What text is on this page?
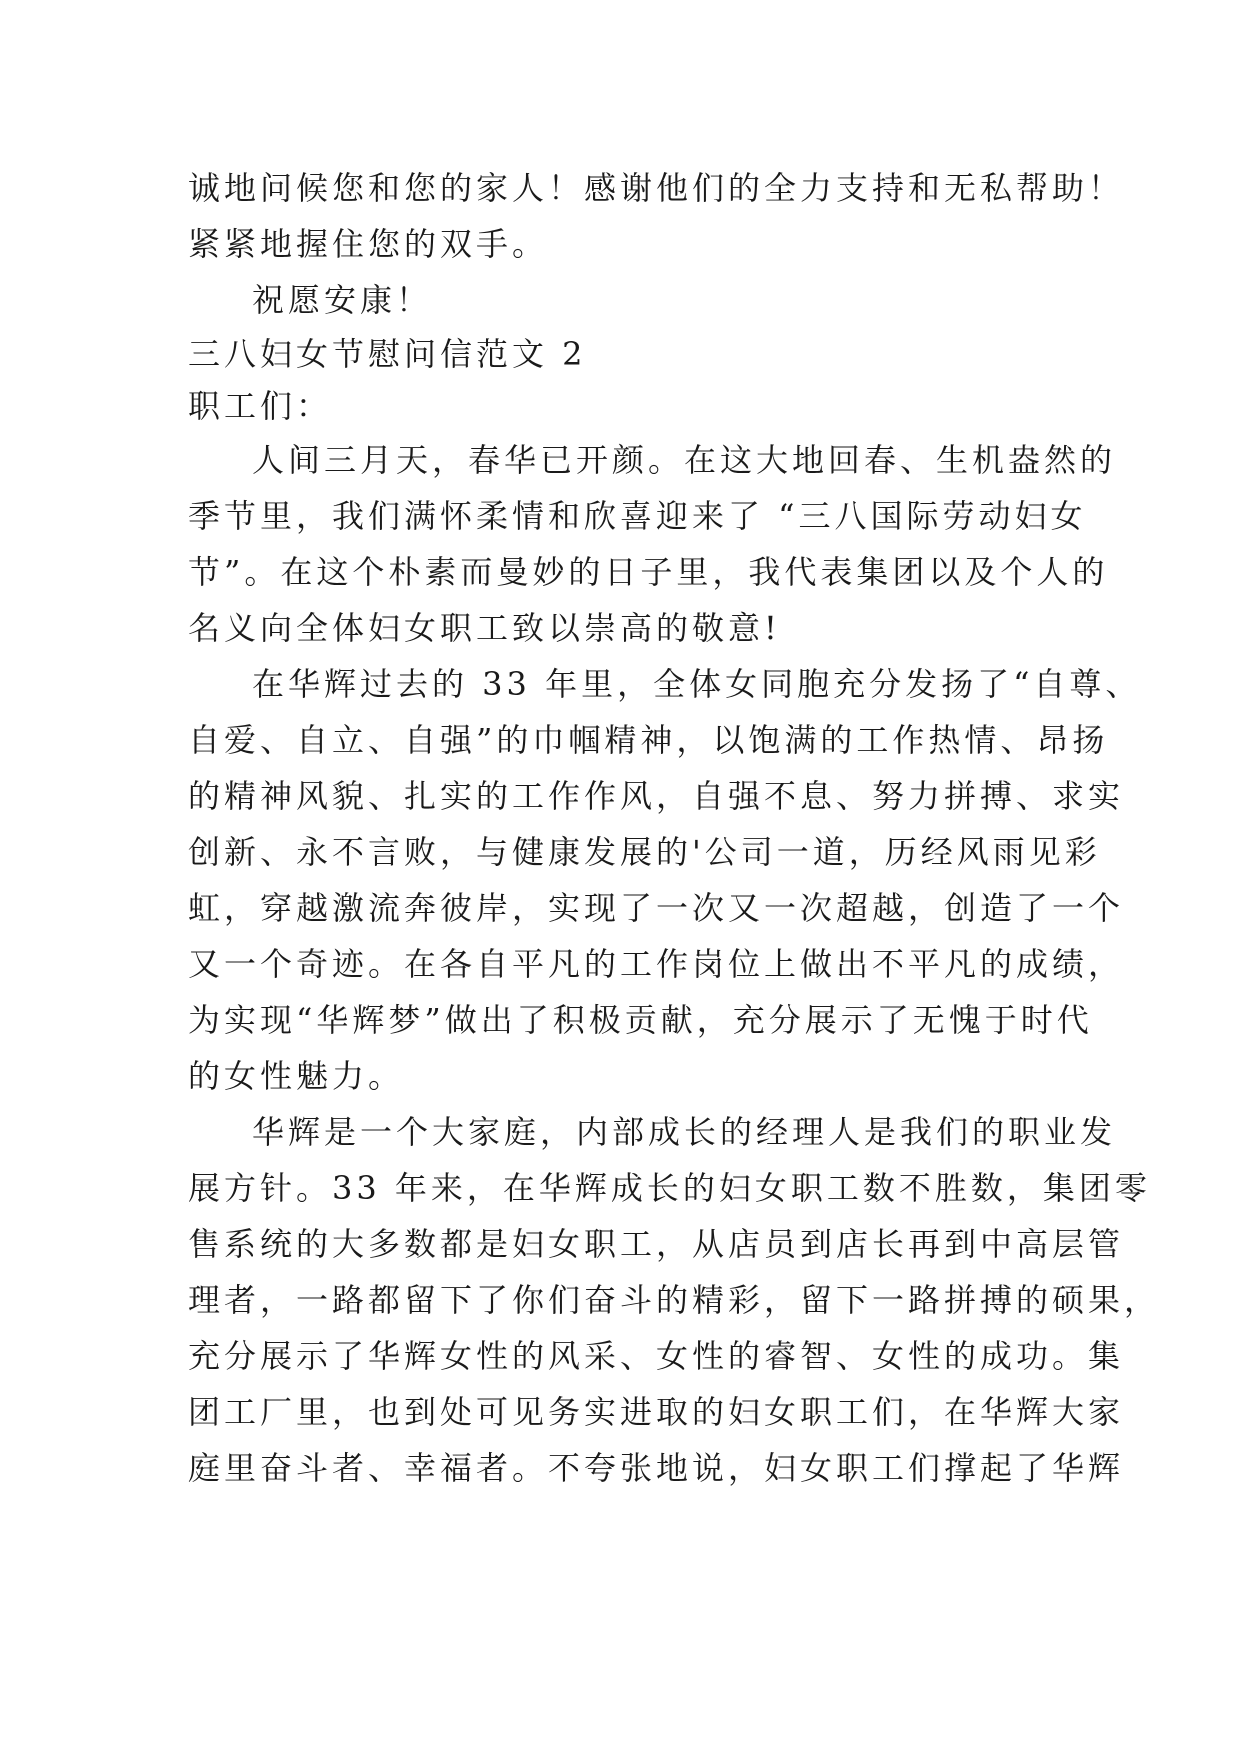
诚地问候您和您的家人！感谢他们的全力支持和无私帮助！
紧紧地握住您的双手。
祝愿安康！
三八妇女节慰问信范文 2
职工们：
人间三月天，春华已开颜。在这大地回春、生机盎然的
季节里，我们满怀柔情和欣喜迎来了 “三八国际劳动妇女
节”。在这个朴素而曼妙的日子里，我代表集团以及个人的
名义向全体妇女职工致以崇高的敬意!
在华辉过去的 33 年里，全体女同胞充分发扬了“自尊、
自爱、自立、自强”的巾帼精神，以饱满的工作热情、昂扬
的精神风貌、扎实的工作作风，自强不息、努力拼搏、求实
创新、永不言败，与健康发展的'公司一道，历经风雨见彩
虹，穿越激流奔彼岸，实现了一次又一次超越，创造了一个
又一个奇迹。在各自平凡的工作岗位上做出不平凡的成绩，
为实现“华辉梦”做出了积极贡献，充分展示了无愧于时代
的女性魅力。
华辉是一个大家庭，内部成长的经理人是我们的职业发
展方针。33 年来，在华辉成长的妇女职工数不胜数，集团零
售系统的大多数都是妇女职工，从店员到店长再到中高层管
理者，一路都留下了你们奋斗的精彩，留下一路拼搏的硕果，
充分展示了华辉女性的风采、女性的睿智、女性的成功。集
团工厂里，也到处可见务实进取的妇女职工们，在华辉大家
庭里奋斗者、幸福者。不夸张地说，妇女职工们撑起了华辉
